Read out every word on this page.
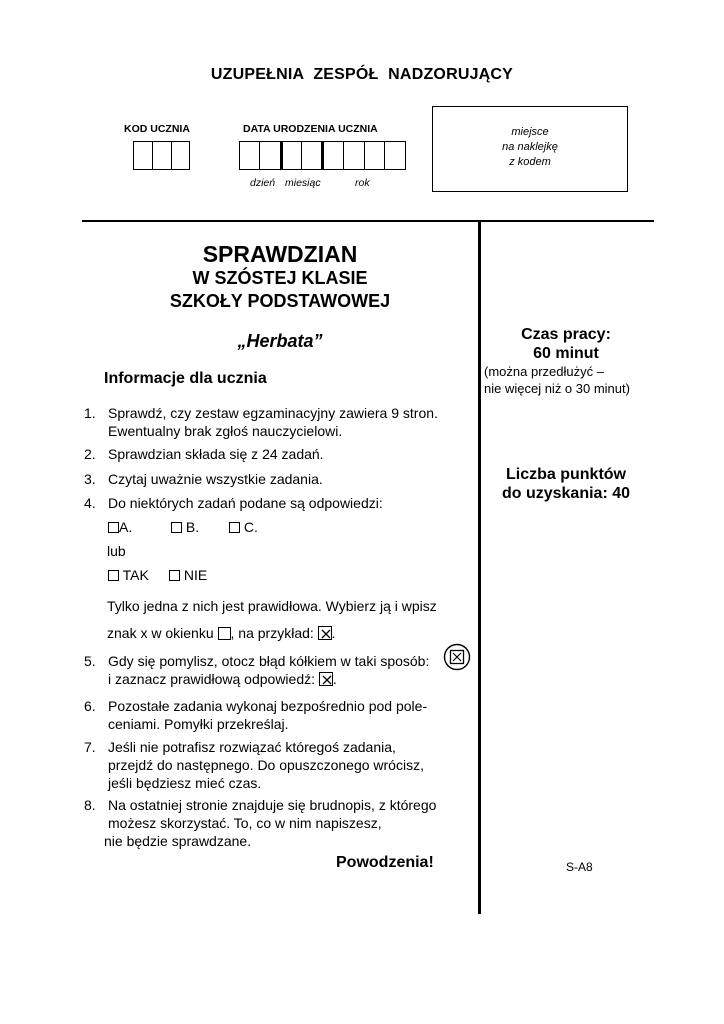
UZUPEŁNIA ZESPÓŁ NADZORUJĄCY
KOD UCZNIA	DATA URODZENIA UCZNIA
dzień miesiąc	rok
miejsce
na naklejkę
z kodem
SPRAWDZIAN
W SZÓSTEJ KLASIE
SZKOŁY PODSTAWOWEJ
„Herbata”	Czas pracy:
60 minut
(można przedłużyć –
nie więcej niż o 30 minut)
Liczba punktów
do uzyskania: 40
S-A8
Informacje dla ucznia
1. Sprawdź, czy zestaw egzaminacyjny zawiera 9 stron.
Ewentualny brak zgłoś nauczycielowi.
2. Sprawdzian składa się z 24 zadań.
3. Czytaj uważnie wszystkie zadania.
4. Do niektórych zadań podane są odpowiedzi:
A.	B.	C.
lub
TAK	NIE
Tylko jedna z nich jest prawidłowa. Wybierz ją i wpisz
znak x w okienku , na przykład: .
5. Gdy się pomylisz, otocz błąd kółkiem w taki sposób:
i zaznacz prawidłową odpowiedź: .
6. Pozostałe zadania wykonaj bezpośrednio pod pole-
ceniami. Pomyłki przekreślaj.
7. Jeśli nie potrafisz rozwiązać któregoś zadania,
przejdź do następnego. Do opuszczonego wrócisz,
jeśli będziesz mieć czas.
8. Na ostatniej stronie znajduje się brudnopis, z którego
możesz skorzystać. To, co w nim napiszesz,
nie będzie sprawdzane.
Powodzenia!
